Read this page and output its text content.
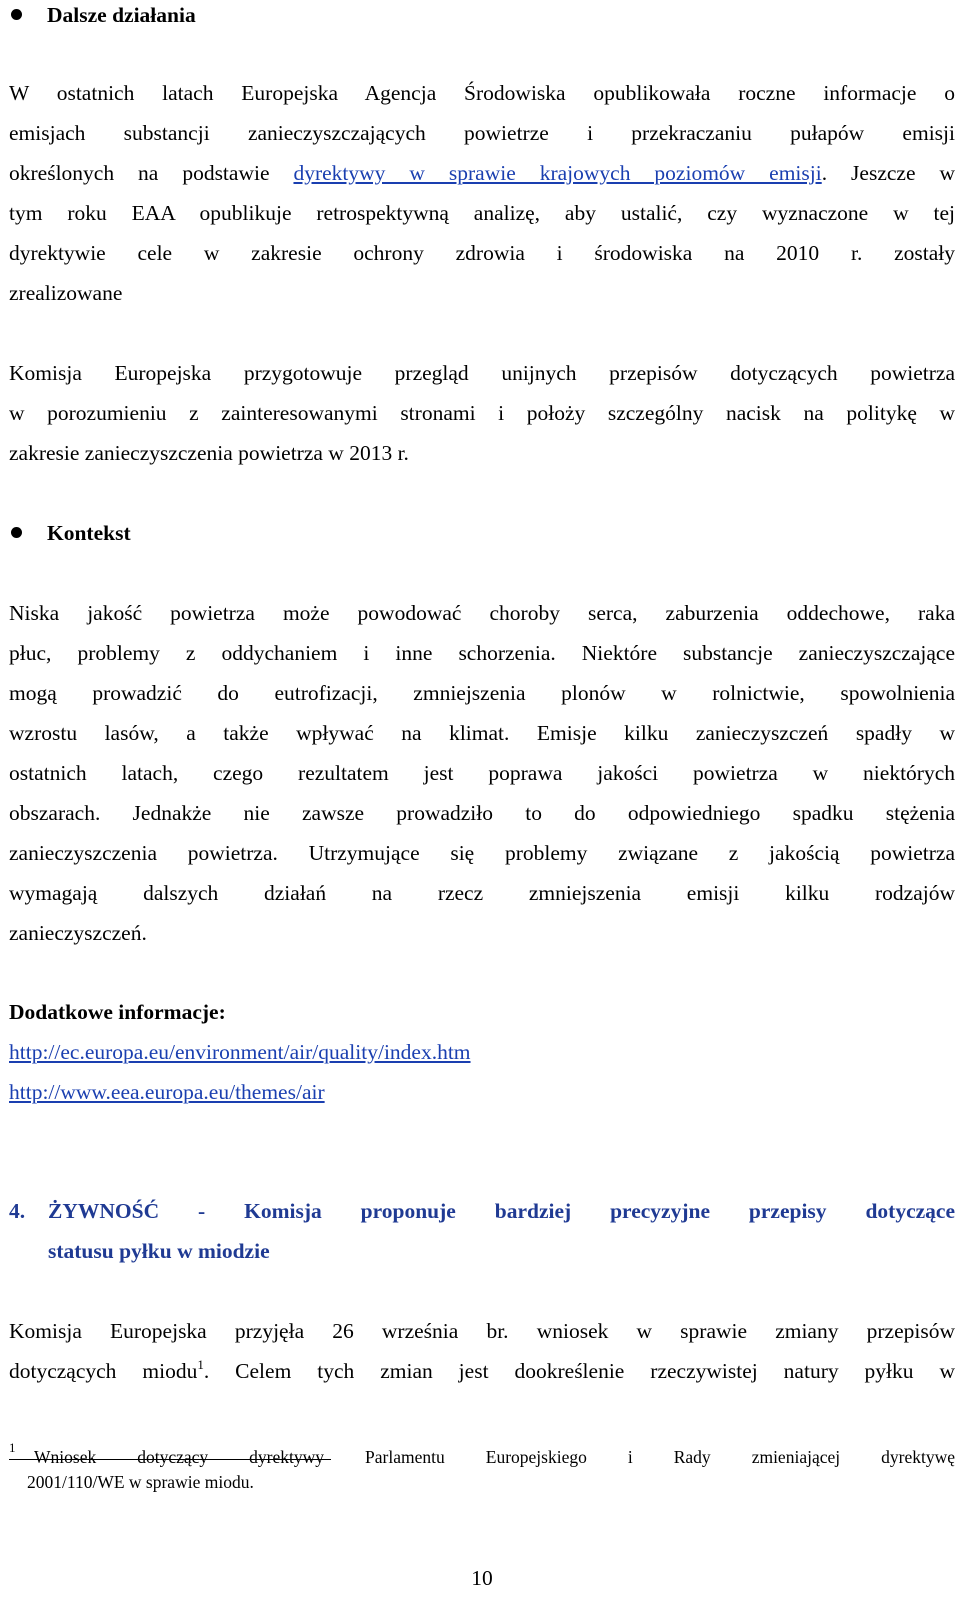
Dalsze działania
W ostatnich latach Europejska Agencja Środowiska opublikowała roczne informacje o
emisjach substancji zanieczyszczających powietrze i przekraczaniu pułapów emisji
określonych na podstawie dyrektywy w sprawie krajowych poziomów emisji. Jeszcze w
tym roku EAA opublikuje retrospektywną analizę, aby ustalić, czy wyznaczone w tej
dyrektywie cele w zakresie ochrony zdrowia i środowiska na 2010 r. zostały
zrealizowane
Komisja Europejska przygotowuje przegląd unijnych przepisów dotyczących powietrza
w porozumieniu z zainteresowanymi stronami i położy szczególny nacisk na politykę w
zakresie zanieczyszczenia powietrza w 2013 r.
Kontekst
Niska jakość powietrza może powodować choroby serca, zaburzenia oddechowe, raka
płuc, problemy z oddychaniem i inne schorzenia. Niektóre substancje zanieczyszczające
mogą prowadzić do eutrofizacji, zmniejszenia plonów w rolnictwie, spowolnienia
wzrostu lasów, a także wpływać na klimat. Emisje kilku zanieczyszczeń spadły w
ostatnich latach, czego rezultatem jest poprawa jakości powietrza w niektórych
obszarach. Jednakże nie zawsze prowadziło to do odpowiedniego spadku stężenia
zanieczyszczenia powietrza. Utrzymujące się problemy związane z jakością powietrza
wymagają dalszych działań na rzecz zmniejszenia emisji kilku rodzajów
zanieczyszczeń.
Dodatkowe informacje:
http://ec.europa.eu/environment/air/quality/index.htm
http://www.eea.europa.eu/themes/air
4.	ŻYWNOŚĆ - Komisja proponuje bardziej precyzyjne przepisy dotyczące
statusu pyłku w miodzie
Komisja Europejska przyjęła 26 września br. wniosek w sprawie zmiany przepisów
dotyczących miodu$^1$. Celem tych zmian jest dookreślenie rzeczywistej natury pyłku w
1 Wniosek dotyczący dyrektywy Parlamentu Europejskiego i Rady zmieniającej dyrektywę
2001/110/WE w sprawie miodu.
10
